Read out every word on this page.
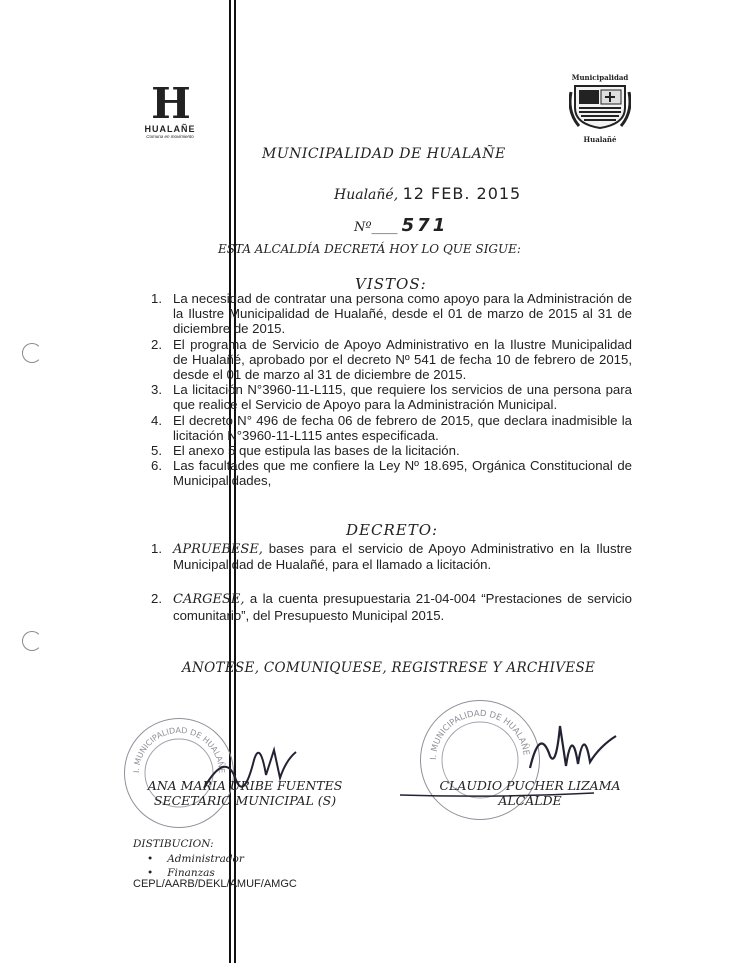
H
HUALAÑE
Comuna en movimiento
Municipalidad
Hualañé
MUNICIPALIDAD DE HUALAÑE
Hualañé, 12 FEB. 2015
Nº____ 571
ESTA ALCALDÍA DECRETÁ HOY LO QUE SIGUE:
VISTOS:
1. La necesidad de contratar una persona como apoyo para la Administración de la Ilustre Municipalidad de Hualañé, desde el 01 de marzo de 2015 al 31 de diciembre de 2015.
2. El programa de Servicio de Apoyo Administrativo en la Ilustre Municipalidad de Hualañé, aprobado por el decreto Nº 541 de fecha 10 de febrero de 2015, desde el 01 de marzo al 31 de diciembre de 2015.
3. La licitación N°3960-11-L115, que requiere los servicios de una persona para que realice el Servicio de Apoyo para la Administración Municipal.
4. El decreto N° 496 de fecha 06 de febrero de 2015, que declara inadmisible la licitación N°3960-11-L115 antes especificada.
5. El anexo 5 que estipula las bases de la licitación.
6. Las facultades que me confiere la Ley Nº 18.695, Orgánica Constitucional de Municipalidades,
DECRETO:
1. APRUEBESE, bases para el servicio de Apoyo Administrativo en la Ilustre Municipalidad de Hualañé, para el llamado a licitación.
2. CARGESE, a la cuenta presupuestaria 21-04-004 “Prestaciones de servicio comunitario”, del Presupuesto Municipal 2015.
ANOTESE, COMUNIQUESE, REGISTRESE Y ARCHIVESE
I. MUNICIPALIDAD DE HUALAÑE
I. MUNICIPALIDAD DE HUALAÑE
ANA MARIA URIBE FUENTES
SECETARIO MUNICIPAL (S)
CLAUDIO PUCHER LIZAMA
ALCALDE
DISTIBUCION:
• Administrador
• Finanzas
CEPL/AARB/DEKL/AMUF/AMGC
